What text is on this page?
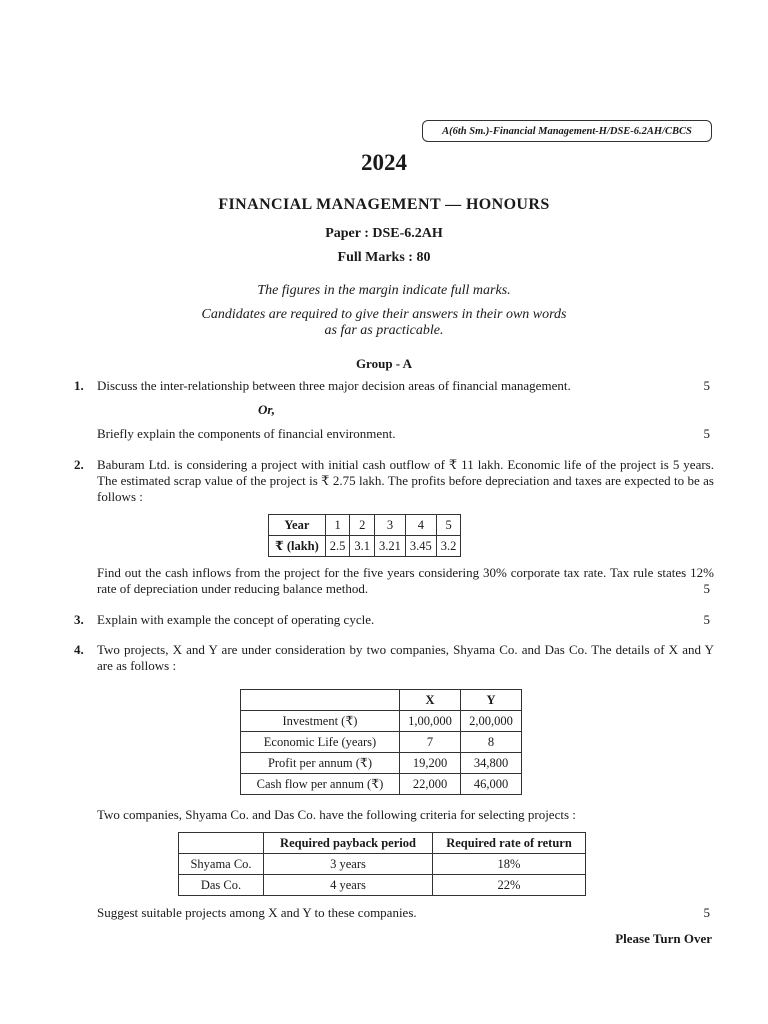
A(6th Sm.)-Financial Management-H/DSE-6.2AH/CBCS
2024
FINANCIAL MANAGEMENT — HONOURS
Paper : DSE-6.2AH
Full Marks : 80
The figures in the margin indicate full marks.
Candidates are required to give their answers in their own words
as far as practicable.
Group - A
1. Discuss the inter-relationship between three major decision areas of financial management.	5
Or,
Briefly explain the components of financial environment.	5
2. Baburam Ltd. is considering a project with initial cash outflow of ₹ 11 lakh. Economic life of the project is 5 years. The estimated scrap value of the project is ₹ 2.75 lakh. The profits before depreciation and taxes are expected to be as follows :
Year	1	2	3	4	5
₹ (lakh)	2.5	3.1	3.21	3.45	3.2
Find out the cash inflows from the project for the five years considering 30% corporate tax rate. Tax rule states 12% rate of depreciation under reducing balance method.	5
3. Explain with example the concept of operating cycle.	5
4. Two projects, X and Y are under consideration by two companies, Shyama Co. and Das Co. The details of X and Y are as follows :
	X	Y
Investment (₹)	1,00,000	2,00,000
Economic Life (years)	7	8
Profit per annum (₹)	19,200	34,800
Cash flow per annum (₹)	22,000	46,000
Two companies, Shyama Co. and Das Co. have the following criteria for selecting projects :
	Required payback period	Required rate of return
Shyama Co.	3 years	18%
Das Co.	4 years	22%
Suggest suitable projects among X and Y to these companies.	5
Please Turn Over
